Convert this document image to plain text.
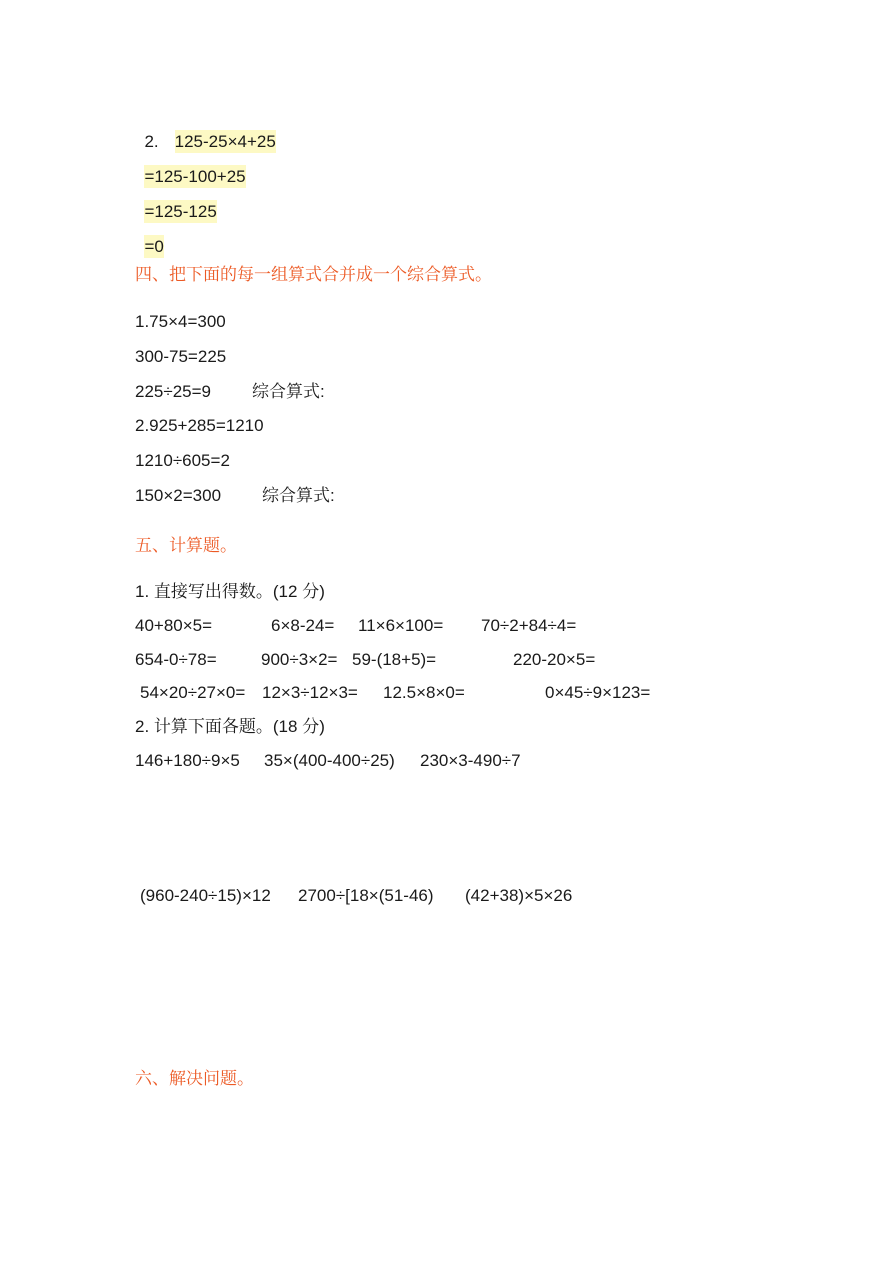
2. 125-25×4+25

=125-100+25

=125-125

=0

四、把下面的每一组算式合并成一个综合算式。
1.75×4=300
300-75=225
225÷25=9 综合算式:
2.925+285=1210
1210÷605=2
150×2=300 综合算式:
五、计算题。
1. 直接写出得数。(12 分)
40+80×5=	6×8-24= 11×6×100= 70÷2+84÷4=
654-0÷78=	900÷3×2= 59-(18+5)=	220-20×5=
54×20÷27×0= 12×3÷12×3= 12.5×8×0=	0×45÷9×123=
2. 计算下面各题。(18 分)
146+180÷9×5 35×(400-400÷25) 230×3-490÷7
(960-240÷15)×12 2700÷[18×(51-46) (42+38)×5×26
六、解决问题。
